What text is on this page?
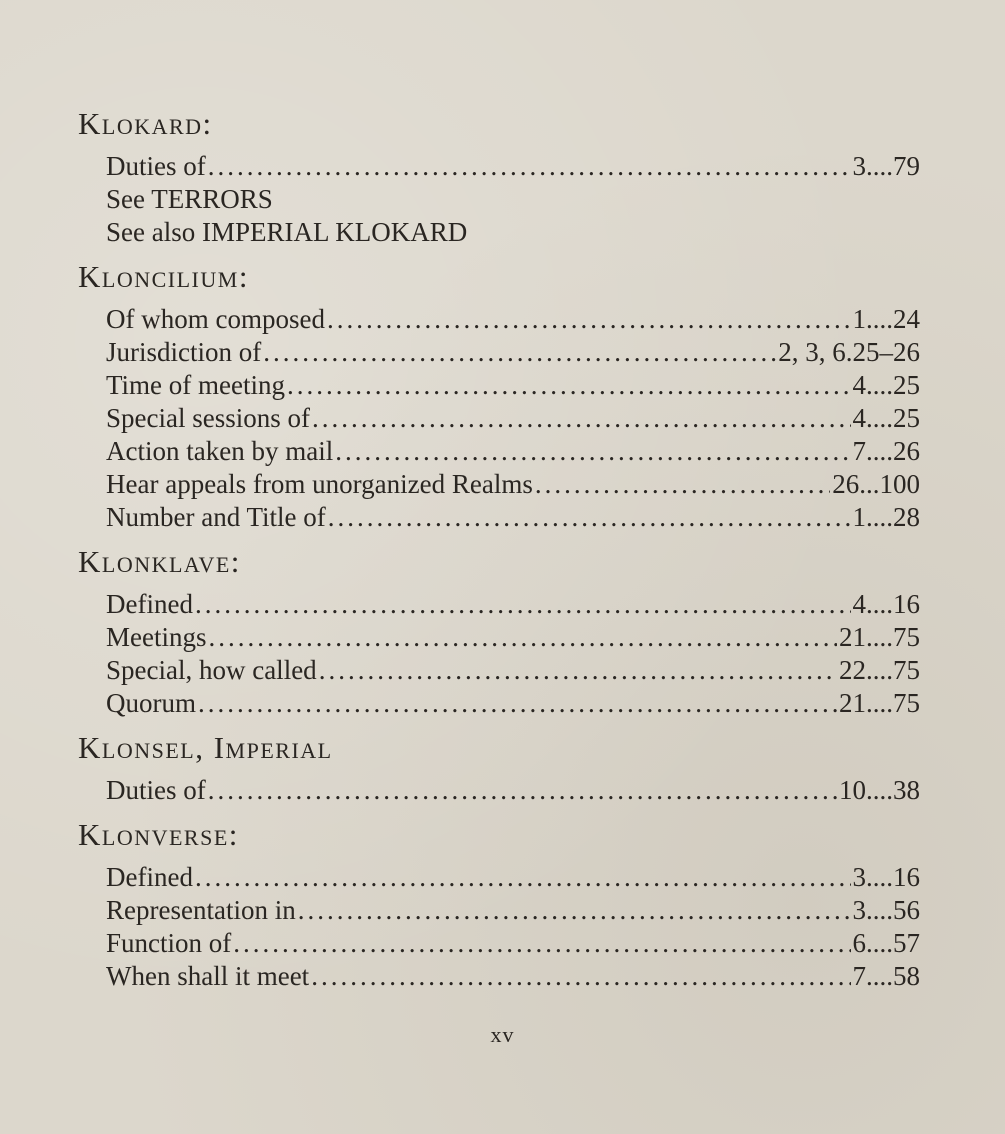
Klokard:
Duties of .....	3....79
See TERRORS
See also IMPERIAL KLOKARD
Kloncilium:
Of whom composed .....	1....24
Jurisdiction of .....	2, 3, 6.25–26
Time of meeting .....	4....25
Special sessions of .....	4....25
Action taken by mail .....	7....26
Hear appeals from unorganized Realms .....	26...100
Number and Title of .....	1....28
Klonklave:
Defined .....	4....16
Meetings .....	21....75
Special, how called .....	22....75
Quorum .....	21....75
Klonsel, Imperial
Duties of .....	10....38
Klonverse:
Defined .....	3....16
Representation in .....	3....56
Function of .....	6....57
When shall it meet .....	7....58
xv
